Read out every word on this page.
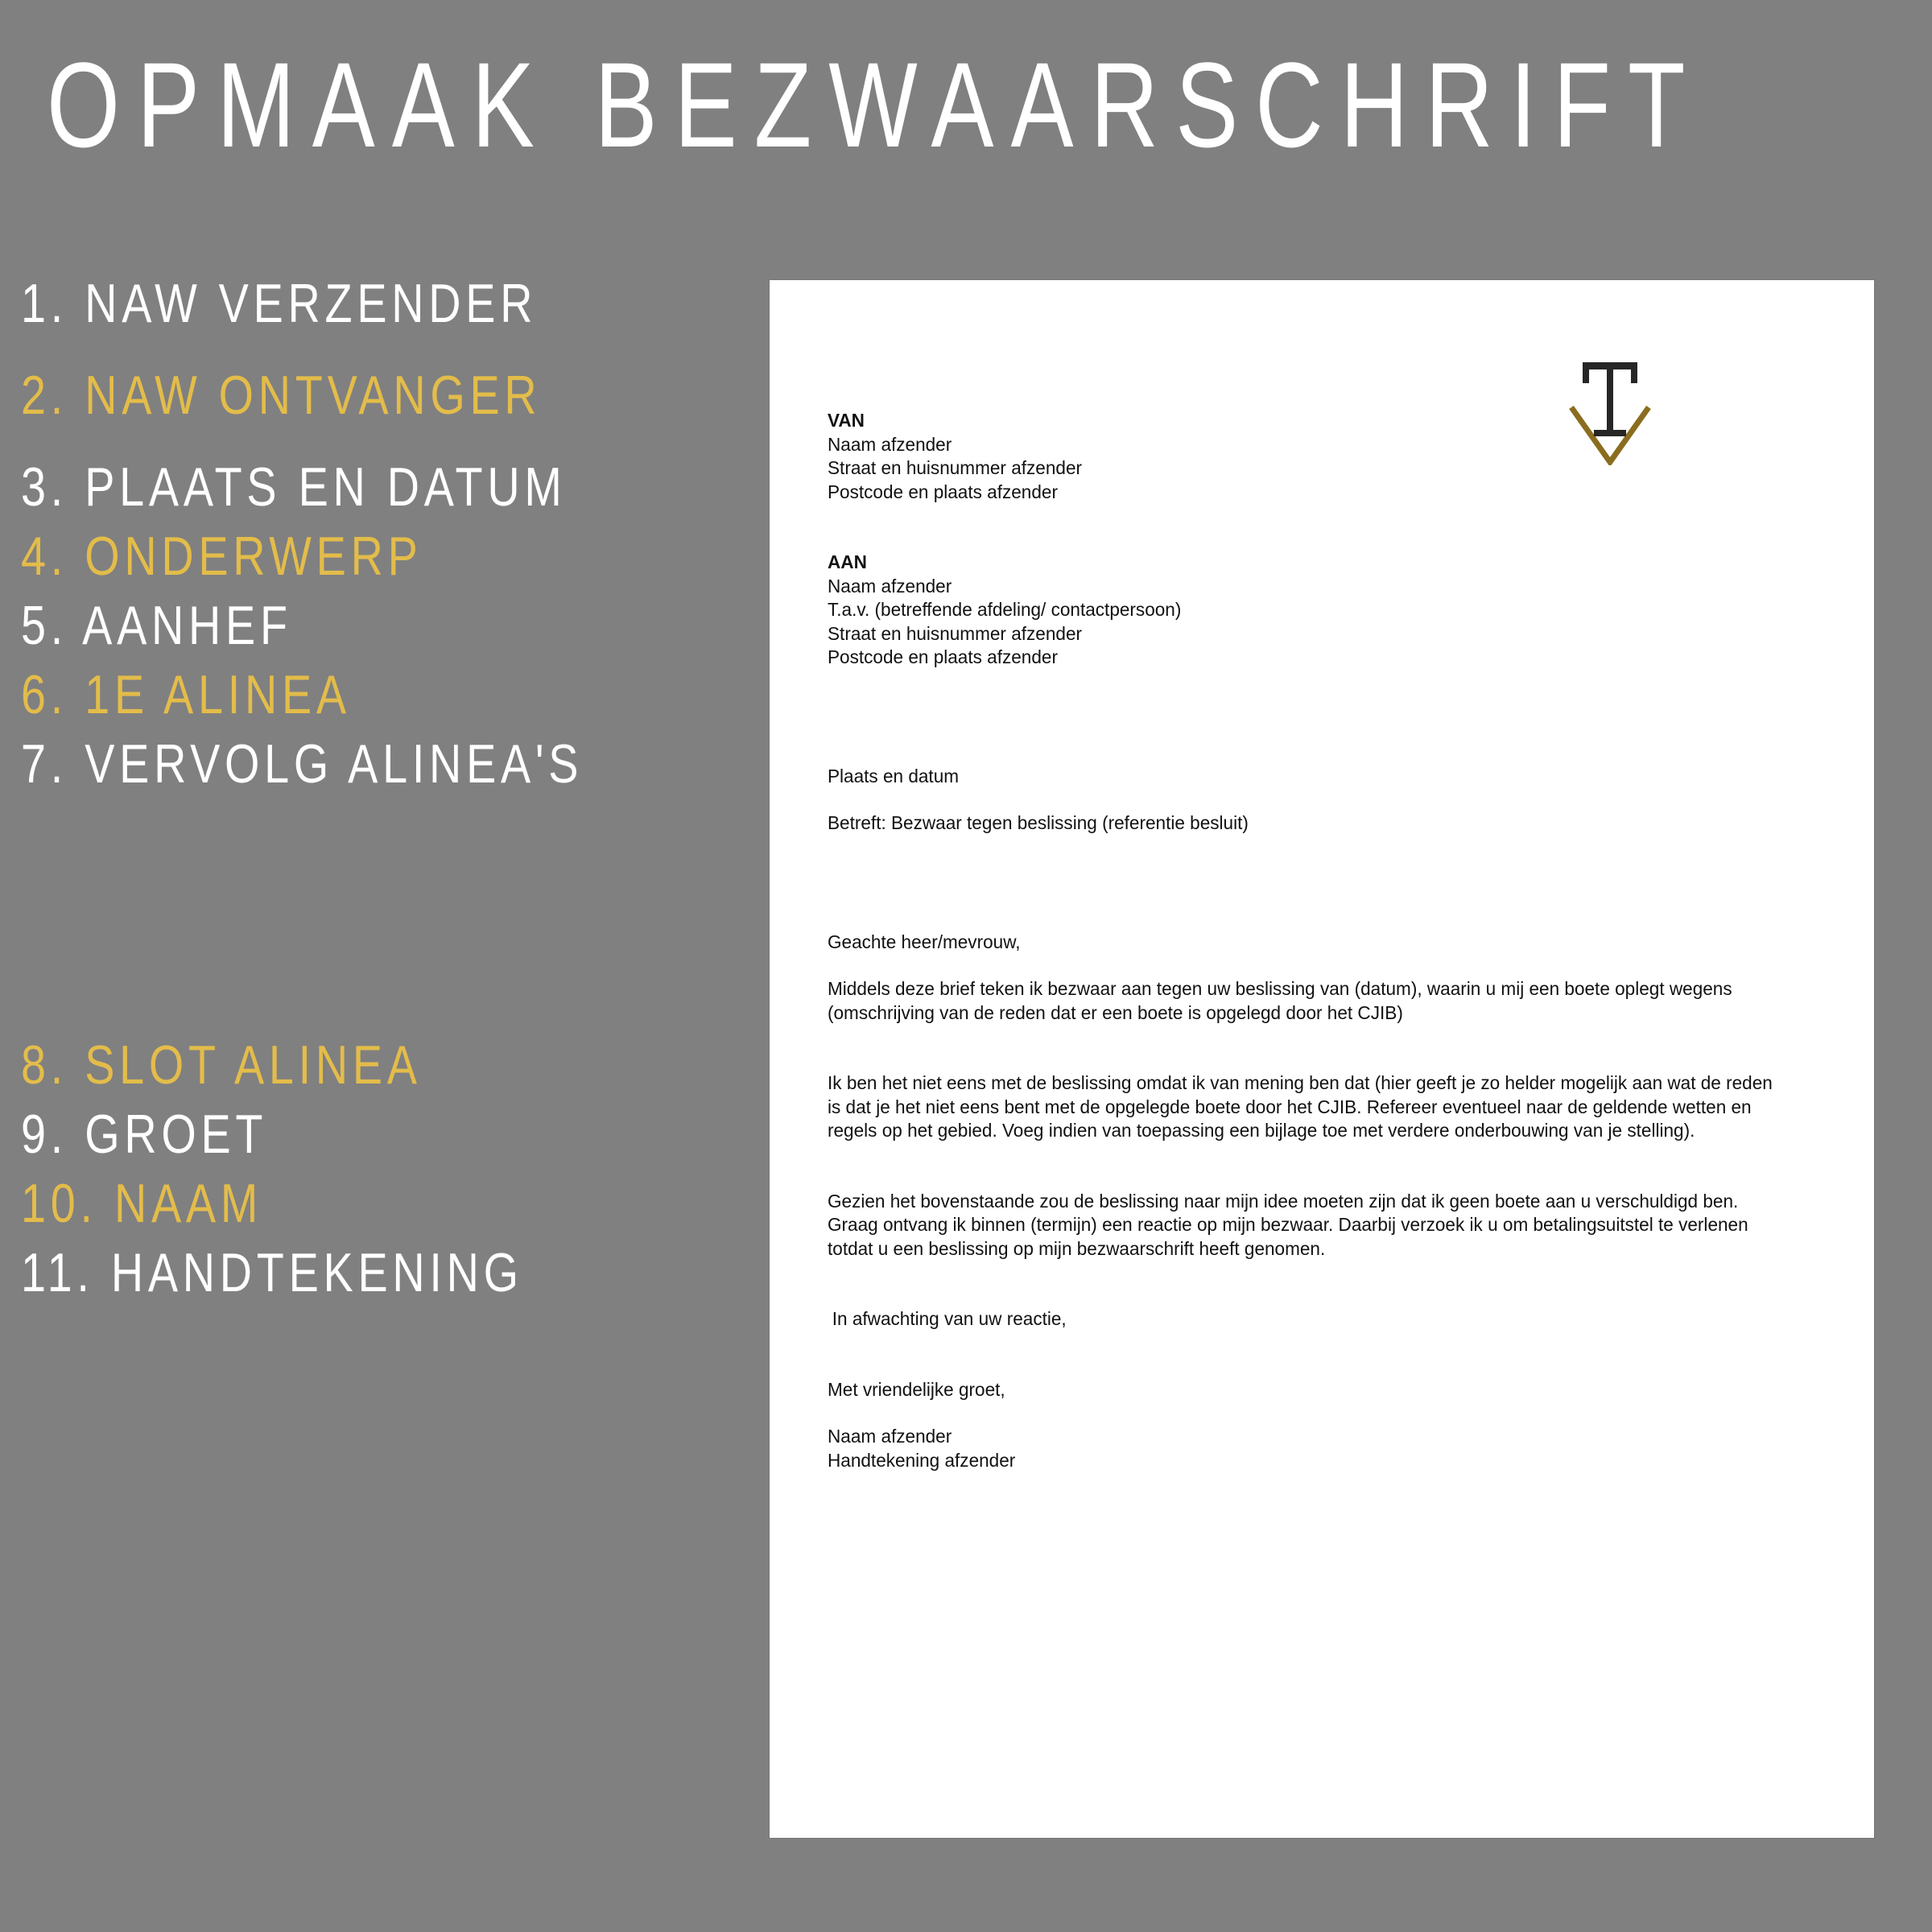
OPMAAK BEZWAARSCHRIFT
1. NAW VERZENDER
2. NAW ONTVANGER
3. PLAATS EN DATUM
4. ONDERWERP
5. AANHEF
6. 1E ALINEA
7. VERVOLG ALINEA'S
8. SLOT ALINEA
9. GROET
10. NAAM
11. HANDTEKENING

VAN

Naam afzender

Straat en huisnummer afzender

Postcode en plaats afzender

AAN

Naam afzender

T.a.v. (betreffende afdeling/ contactpersoon)

Straat en huisnummer afzender

Postcode en plaats afzender

Plaats en datum

Betreft: Bezwaar tegen beslissing (referentie besluit)

Geachte heer/mevrouw,

Middels deze brief teken ik bezwaar aan tegen uw beslissing van (datum), waarin u mij een boete oplegt wegens (omschrijving van de reden dat er een boete is opgelegd door het CJIB)

Ik ben het niet eens met de beslissing omdat ik van mening ben dat (hier geeft je zo helder mogelijk aan wat de reden is dat je het niet eens bent met de opgelegde boete door het CJIB. Refereer eventueel naar de geldende wetten en regels op het gebied. Voeg indien van toepassing een bijlage toe met verdere onderbouwing van je stelling).

Gezien het bovenstaande zou de beslissing naar mijn idee moeten zijn dat ik geen boete aan u verschuldigd ben. Graag ontvang ik binnen (termijn) een reactie op mijn bezwaar. Daarbij verzoek ik u om betalingsuitstel te verlenen totdat u een beslissing op mijn bezwaarschrift heeft genomen.

In afwachting van uw reactie,

Met vriendelijke groet,

Naam afzender

Handtekening afzender
